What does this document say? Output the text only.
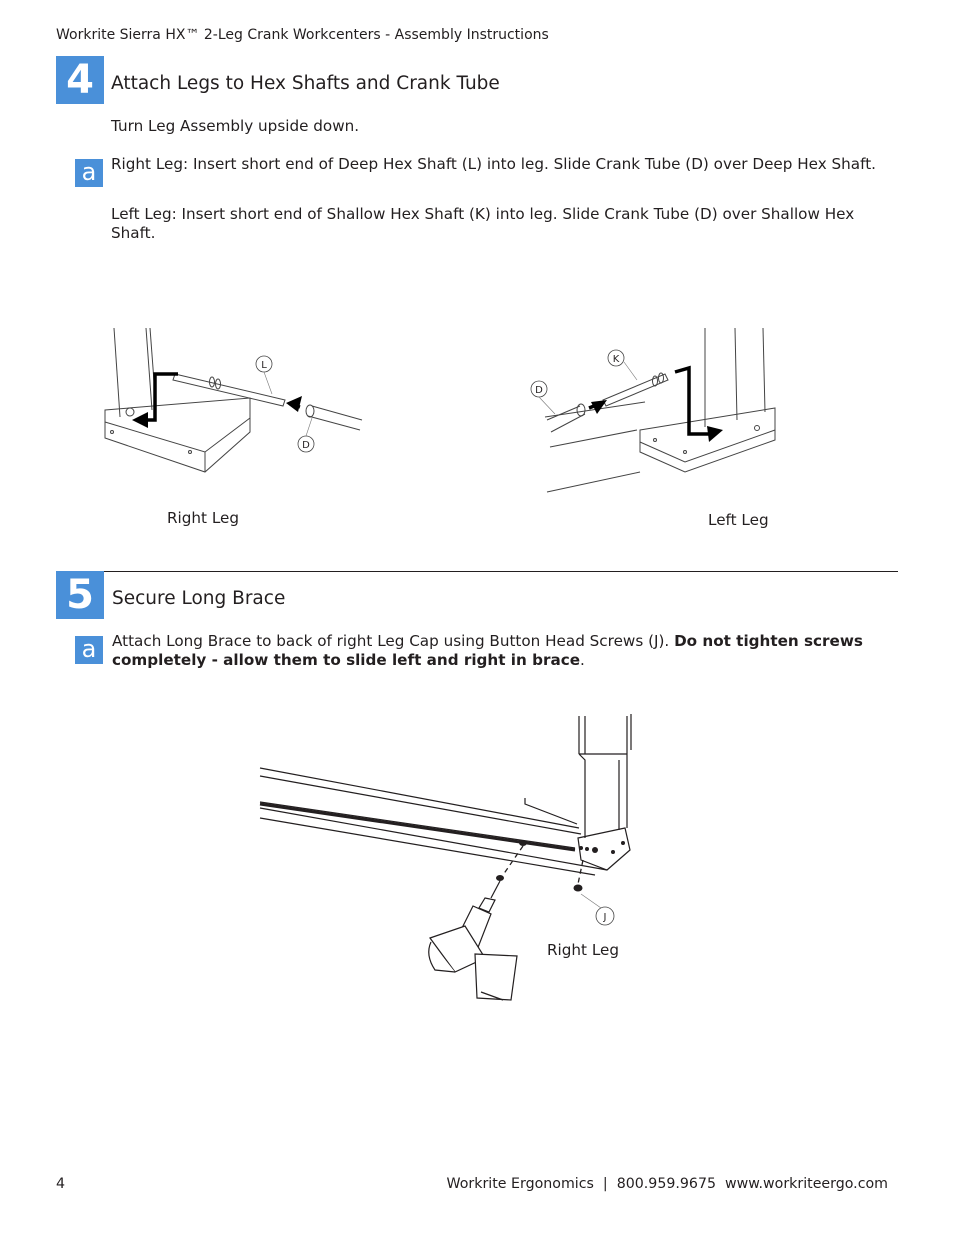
Workrite Sierra HX™ 2-Leg Crank Workcenters - Assembly Instructions
4 Attach Legs to Hex Shafts and Crank Tube
Turn Leg Assembly upside down.
a Right Leg: Insert short end of Deep Hex Shaft (L) into leg. Slide Crank Tube (D) over Deep Hex Shaft.
Left Leg: Insert short end of Shallow Hex Shaft (K) into leg. Slide Crank Tube (D) over Shallow Hex Shaft.
L
D
Right Leg
K
D
Left Leg
5 Secure Long Brace
a	Attach Long Brace to back of right Leg Cap using Button Head Screws (J). Do not tighten screws completely - allow them to slide left and right in brace.
J
Right Leg
4	Workrite Ergonomics  |  800.959.9675  www.workriteergo.com
